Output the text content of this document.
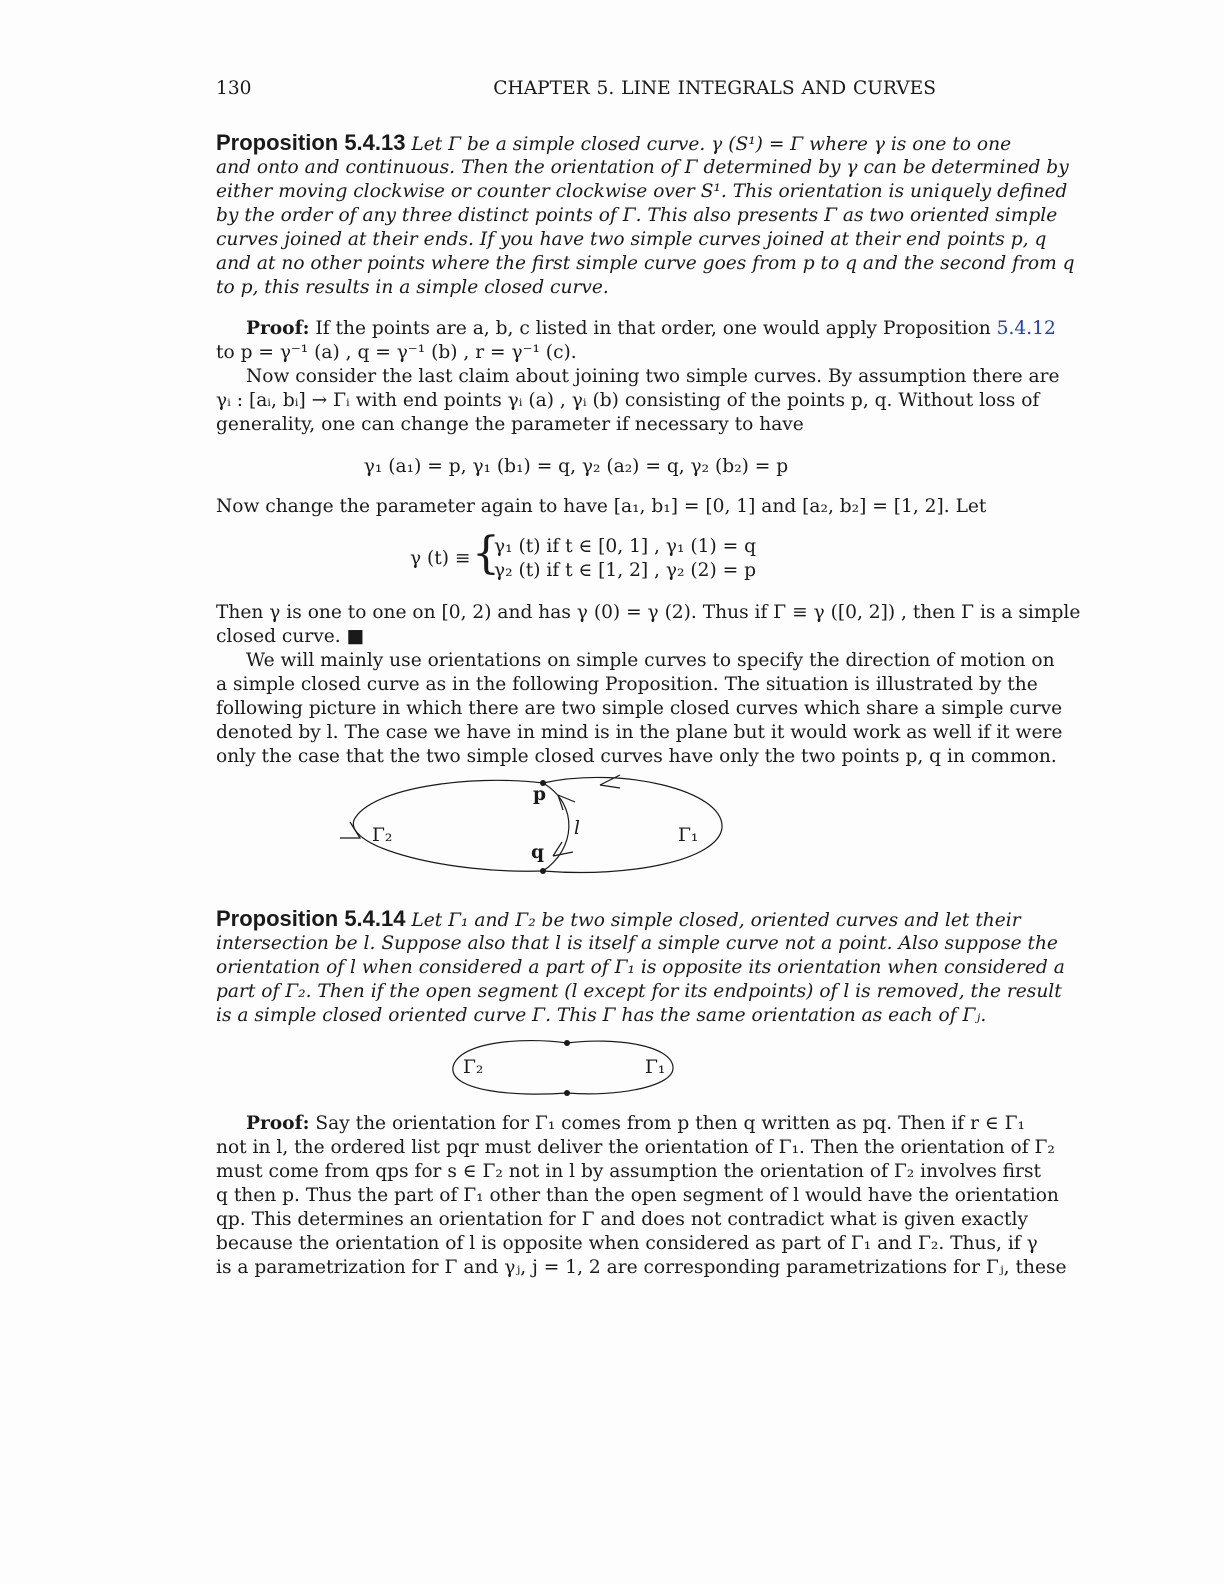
130	CHAPTER 5. LINE INTEGRALS AND CURVES
Proposition 5.4.13 Let Γ be a simple closed curve. γ (S¹) = Γ where γ is one to one
and onto and continuous. Then the orientation of Γ determined by γ can be determined by
either moving clockwise or counter clockwise over S¹. This orientation is uniquely defined
by the order of any three distinct points of Γ. This also presents Γ as two oriented simple
curves joined at their ends. If you have two simple curves joined at their end points p, q
and at no other points where the first simple curve goes from p to q and the second from q
to p, this results in a simple closed curve.
Proof: If the points are a, b, c listed in that order, one would apply Proposition 5.4.12
to p = γ⁻¹ (a) , q = γ⁻¹ (b) , r = γ⁻¹ (c).
Now consider the last claim about joining two simple curves. By assumption there are
γᵢ : [aᵢ, bᵢ] → Γᵢ with end points γᵢ (a) , γᵢ (b) consisting of the points p, q. Without loss of
generality, one can change the parameter if necessary to have
γ₁ (a₁) = p, γ₁ (b₁) = q, γ₂ (a₂) = q, γ₂ (b₂) = p
Now change the parameter again to have [a₁, b₁] = [0, 1] and [a₂, b₂] = [1, 2]. Let
γ (t) ≡ {
γ₁ (t) if t ∈ [0, 1] , γ₁ (1) = q
γ₂ (t) if t ∈ [1, 2] , γ₂ (2) = p
Then γ is one to one on [0, 2) and has γ (0) = γ (2). Thus if Γ ≡ γ ([0, 2]) , then Γ is a simple
closed curve. ■
We will mainly use orientations on simple curves to specify the direction of motion on
a simple closed curve as in the following Proposition. The situation is illustrated by the
following picture in which there are two simple closed curves which share a simple curve
denoted by l. The case we have in mind is in the plane but it would work as well if it were
only the case that the two simple closed curves have only the two points p, q in common.
Γ₂	Γ₁
p
q
l
Proposition 5.4.14 Let Γ₁ and Γ₂ be two simple closed, oriented curves and let their
intersection be l. Suppose also that l is itself a simple curve not a point. Also suppose the
orientation of l when considered a part of Γ₁ is opposite its orientation when considered a
part of Γ₂. Then if the open segment (l except for its endpoints) of l is removed, the result
is a simple closed oriented curve Γ. This Γ has the same orientation as each of Γⱼ.
Γ₂	Γ₁
Proof: Say the orientation for Γ₁ comes from p then q written as pq. Then if r ∈ Γ₁
not in l, the ordered list pqr must deliver the orientation of Γ₁. Then the orientation of Γ₂
must come from qps for s ∈ Γ₂ not in l by assumption the orientation of Γ₂ involves first
q then p. Thus the part of Γ₁ other than the open segment of l would have the orientation
qp. This determines an orientation for Γ and does not contradict what is given exactly
because the orientation of l is opposite when considered as part of Γ₁ and Γ₂. Thus, if γ
is a parametrization for Γ and γⱼ, j = 1, 2 are corresponding parametrizations for Γⱼ, these
